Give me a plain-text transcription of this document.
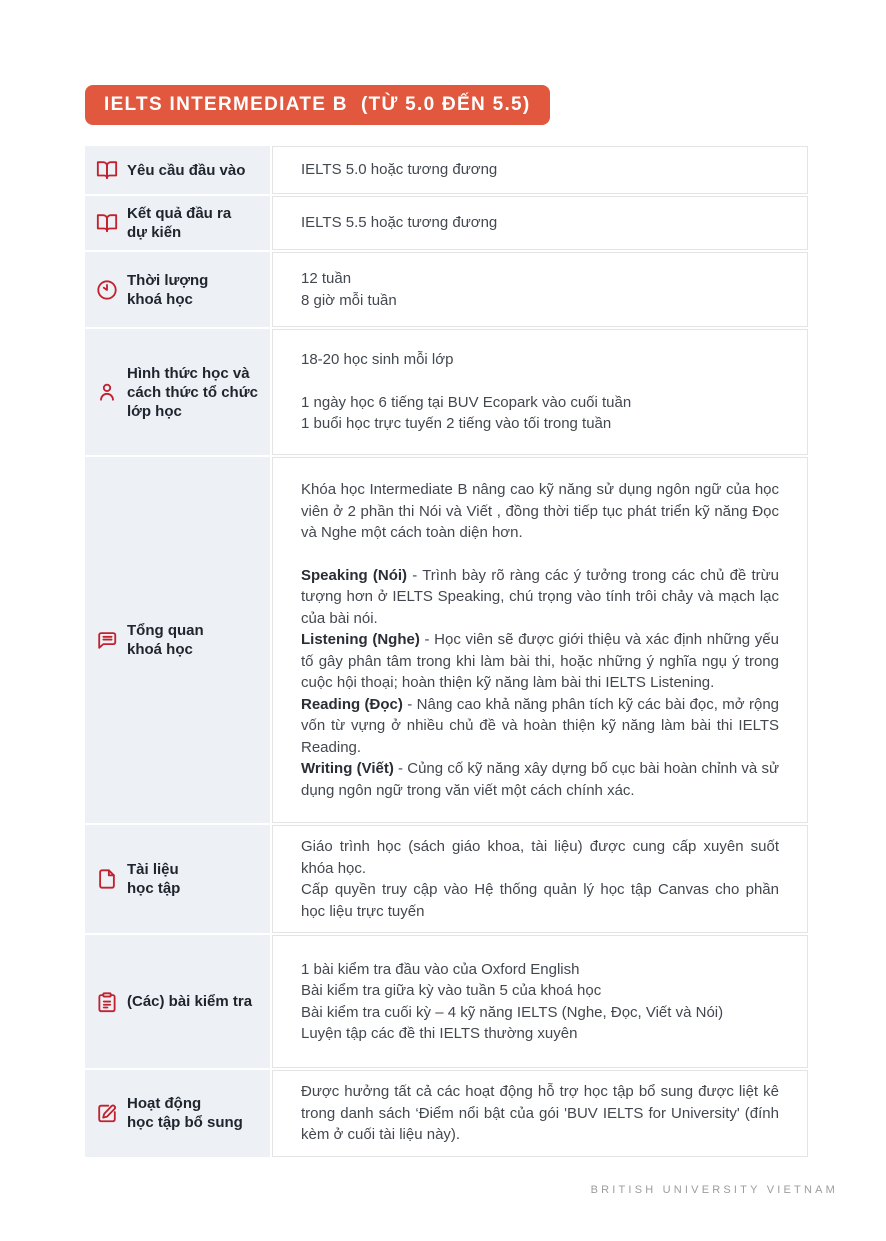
IELTS INTERMEDIATE B  (TỪ 5.0 ĐẾN 5.5)
Yêu cầu đầu vào	IELTS 5.0 hoặc tương đương
Kết quả đầu ra
dự kiến
IELTS 5.5 hoặc tương đương
Thời lượng
khoá học
12 tuần
8 giờ mỗi tuần
Hình thức học và
cách thức tổ chức
lớp học
18-20 học sinh mỗi lớp
1 ngày học 6 tiếng tại BUV Ecopark vào cuối tuần
1 buổi học trực tuyến 2 tiếng vào tối trong tuần
Tổng quan
khoá học

Khóa học Intermediate B nâng cao kỹ năng sử dụng ngôn ngữ của học viên ở 2 phần thi Nói và Viết , đồng thời tiếp tục phát triển kỹ năng Đọc và Nghe một cách toàn diện hơn.

Speaking (Nói) - Trình bày rõ ràng các ý tưởng trong các chủ đề trừu tượng hơn ở IELTS Speaking, chú trọng vào tính trôi chảy và mạch lạc của bài nói.

Listening (Nghe) - Học viên sẽ được giới thiệu và xác định những yếu tố gây phân tâm trong khi làm bài thi, hoặc những ý nghĩa ngụ ý trong cuộc hội thoại; hoàn thiện kỹ năng làm bài thi IELTS Listening.

Reading (Đọc) - Nâng cao khả năng phân tích kỹ các bài đọc, mở rộng vốn từ vựng ở nhiều chủ đề và hoàn thiện kỹ năng làm bài thi IELTS Reading.

Writing (Viết) - Củng cố kỹ năng xây dựng bố cục bài hoàn chỉnh và sử dụng ngôn ngữ trong văn viết một cách chính xác.

Tài liệu
học tập

Giáo trình học (sách giáo khoa, tài liệu) được cung cấp xuyên suốt khóa học.

Cấp quyền truy cập vào Hệ thống quản lý học tập Canvas cho phần học liệu trực tuyến

(Các) bài kiểm tra
1 bài kiểm tra đầu vào của Oxford English
Bài kiểm tra giữa kỳ vào tuần 5 của khoá học
Bài kiểm tra cuối kỳ – 4 kỹ năng IELTS (Nghe, Đọc, Viết và Nói)
Luyện tập các đề thi IELTS thường xuyên
Hoạt động
học tập bổ sung

Được hưởng tất cả các hoạt động hỗ trợ học tập bổ sung được liệt kê trong danh sách ‘Điểm nổi bật của gói 'BUV IELTS for University' (đính kèm ở cuối tài liệu này).

BRITISH UNIVERSITY VIETNAM
